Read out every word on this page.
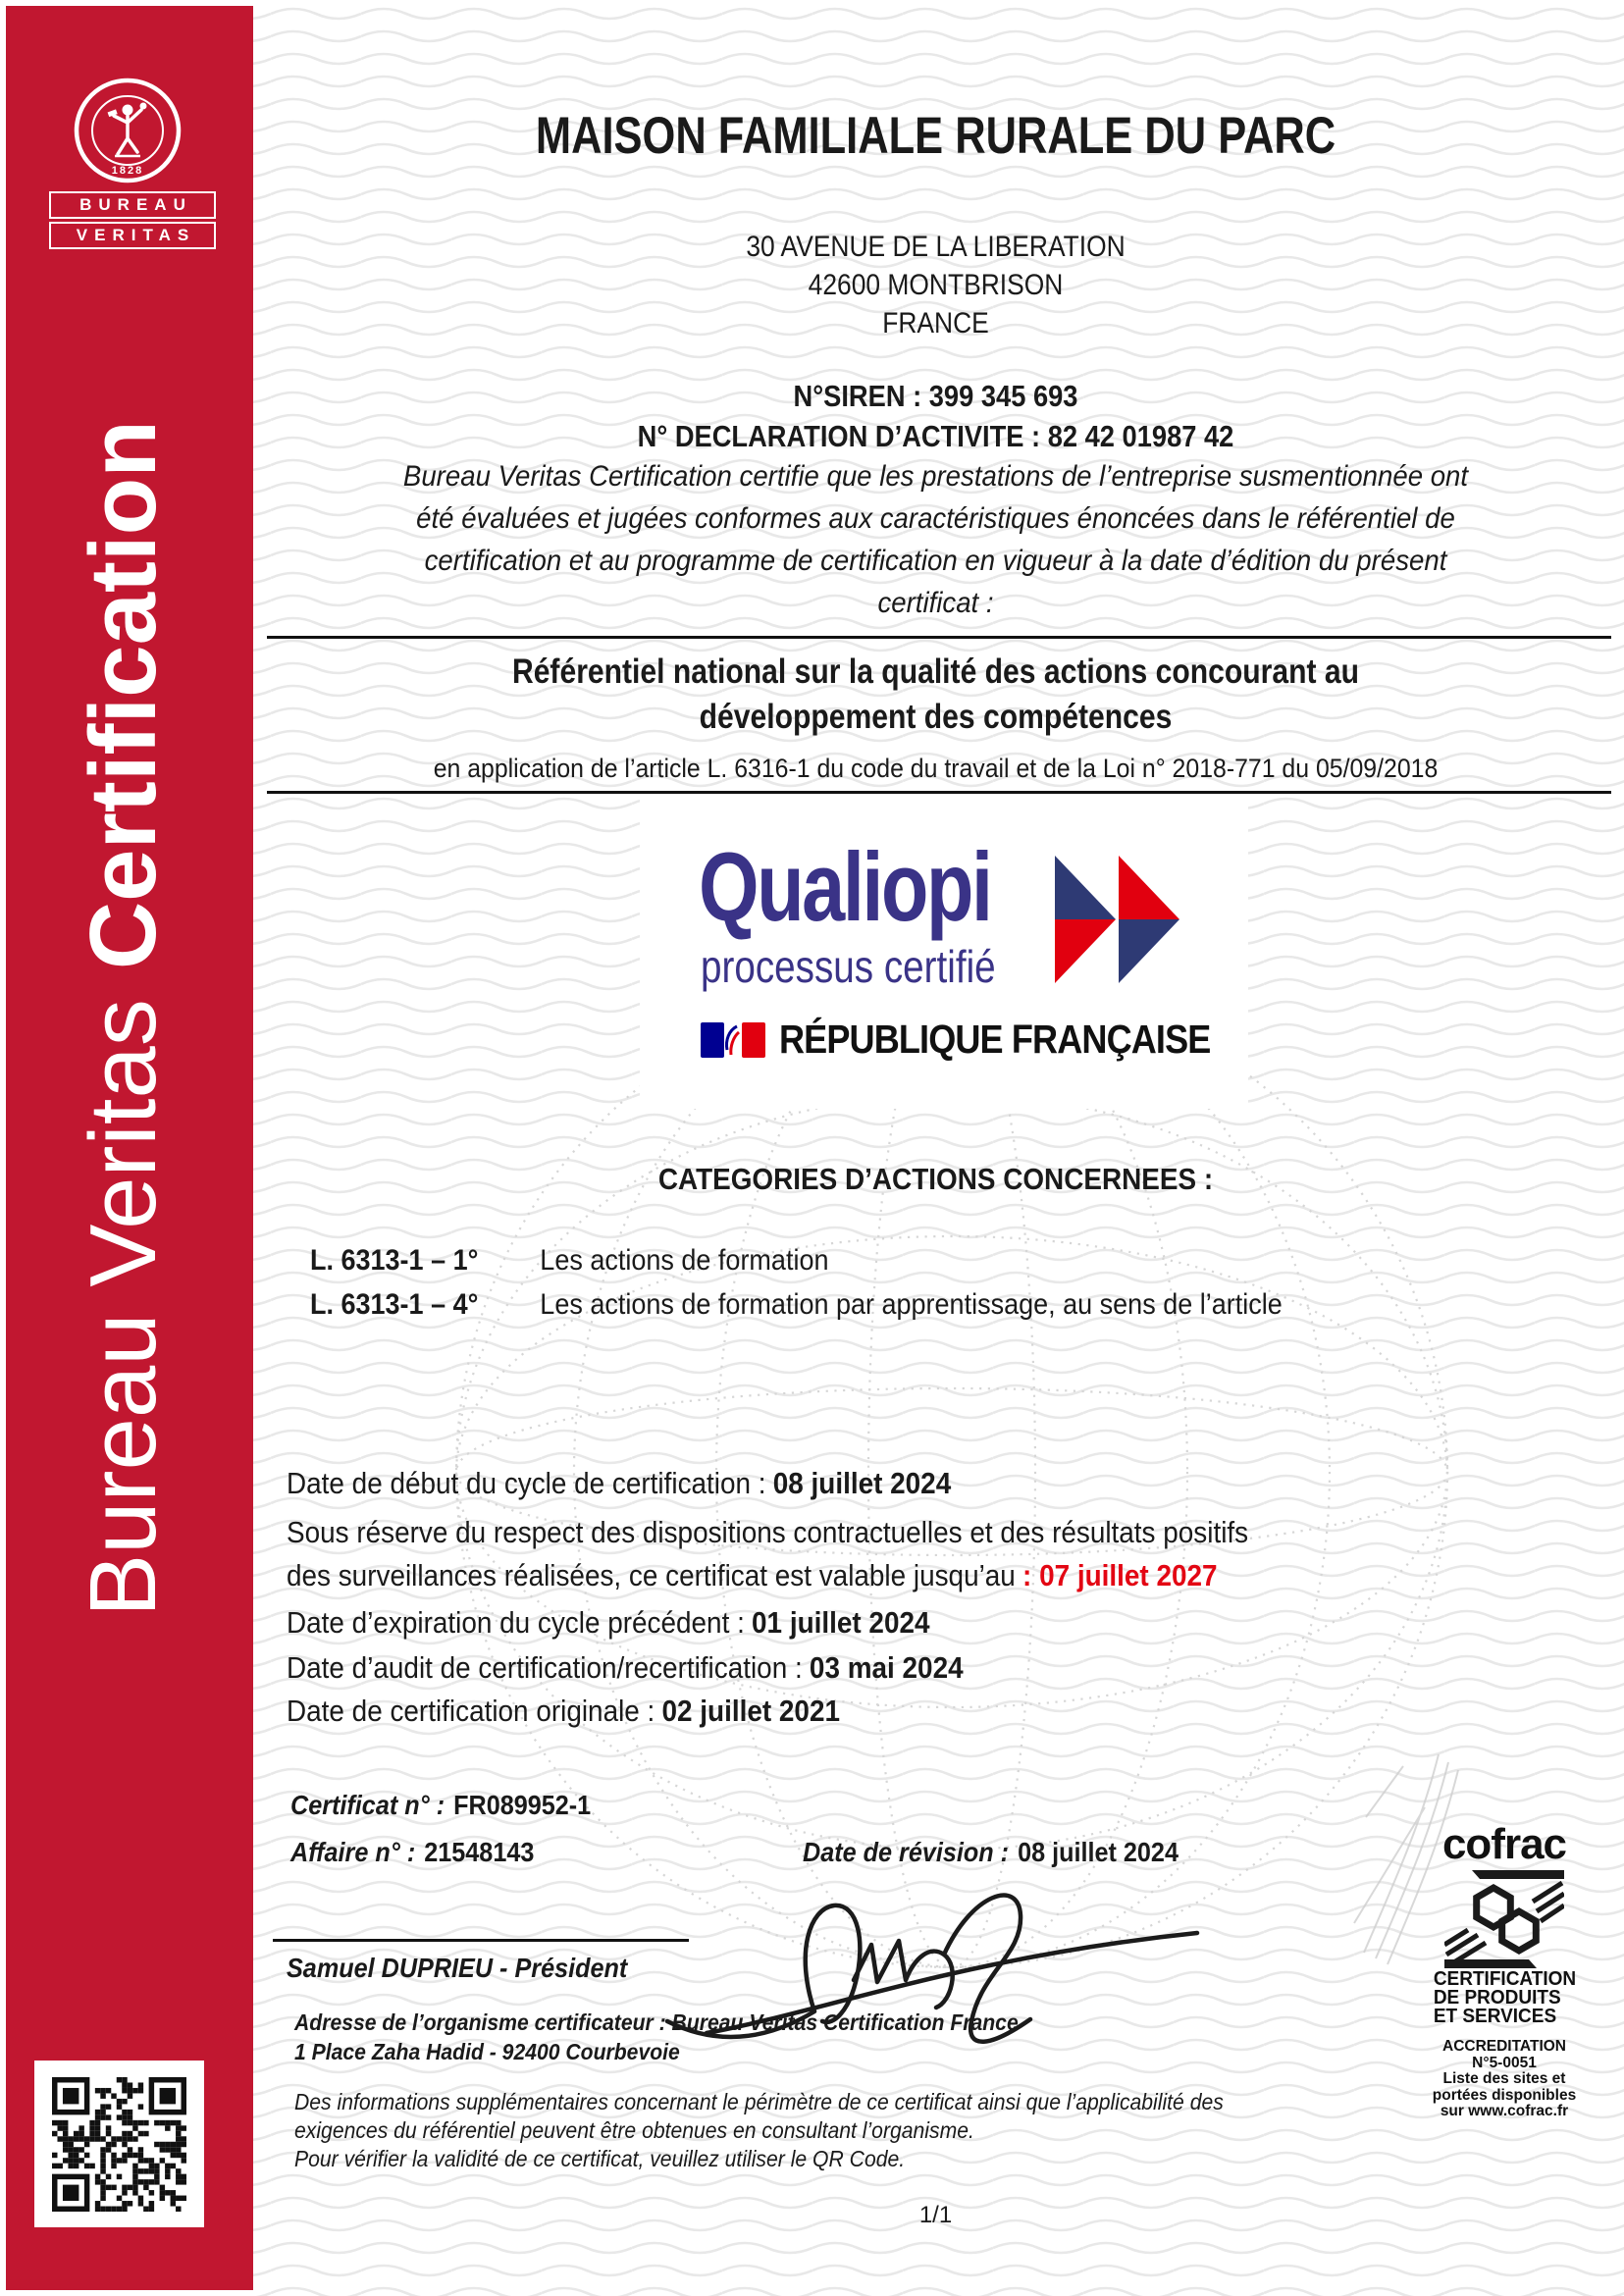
1828
BUREAU
VERITAS
Bureau VeritasCertification
MAISON FAMILIALE RURALE DU PARC
30 AVENUE DE LA LIBERATION
42600 MONTBRISON
FRANCE
N°SIREN : 399 345 693
N° DECLARATION D’ACTIVITE : 82 42 01987 42
Bureau Veritas Certification certifie que les prestations de l’entreprise susmentionnée ont
été évaluées et jugées conformes aux caractéristiques énoncées dans le référentiel de
certification et au programme de certification en vigueur à la date d’édition du présent
certificat :
Référentiel national sur la qualité des actions concourant au
développement des compétences
en application de l’article L. 6316-1 du code du travail et de la Loi n° 2018-771 du 05/09/2018
Qualiopi
processus certifié
RÉPUBLIQUE FRANÇAISE
CATEGORIES D’ACTIONS CONCERNEES :
L. 6313-1 – 1° Les actions de formation
L. 6313-1 – 4° Les actions de formation par apprentissage, au sens de l’article
Date de début du cycle de certification : 08 juillet 2024
Sous réserve du respect des dispositions contractuelles et des résultats positifs
des surveillances réalisées, ce certificat est valable jusqu’au : 07 juillet 2027
Date d’expiration du cycle précédent : 01 juillet 2024
Date d’audit de certification/recertification : 03 mai 2024
Date de certification originale : 02 juillet 2021
Certificat n° : FR089952-1
Affaire n° : 21548143	Date de révision : 08 juillet 2024
Samuel DUPRIEU - Président
Adresse de l’organisme certificateur : Bureau Veritas Certification France
1 Place Zaha Hadid - 92400 Courbevoie
Des informations supplémentaires concernant le périmètre de ce certificat ainsi que l’applicabilité des
exigences du référentiel peuvent être obtenues en consultant l’organisme.
Pour vérifier la validité de ce certificat, veuillez utiliser le QR Code.
1/1
cofrac
CERTIFICATION
DE PRODUITS
ET SERVICES
ACCREDITATION
N°5-0051
Liste des sites et
portées disponibles
sur www.cofrac.fr
